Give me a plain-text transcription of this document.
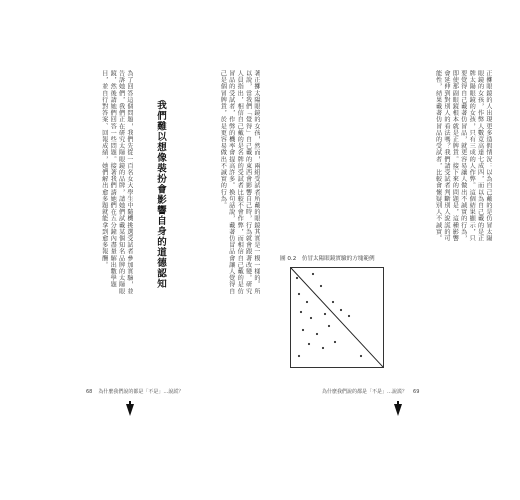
著正擲太陽眼鏡的女孩，然而，兩組受試者所戴的眼鏡其實是一模一樣的。所以說，當我們「覺得」自己戴的東西會影響自己時，行為就會跟著改變。研究人員指出，相信自己戴的是名牌的受試者比較不會作弊，而相信自己戴的是仿冒品的受試者，作弊的機率會提高許多。換句話說，戴著仿冒品會讓人覺得自己是個冒牌貨，於是更容易做出不誠實的行為。
我們難以想像裝扮會影響自身的道德認知
為了回答這個問題，我們先從一百名女大學生中隨機挑選受試者參加實驗，並告訴她們，我們正在研究太陽眼鏡的品牌，請她們試戴某個知名品牌的太陽眼鏡，然後請她們回答一些問題。接著我們請她們在五分鐘內盡量解出數學題目，並自行對答案、回報成績，她們解出愈多題就能拿到愈多報酬。
68 為什麼我們說的都是「不是」…說謊？
正擲眼鏡的人出現更多造假情況：以為自己戴的是仿冒太陽眼鏡的女孩，作弊人數竟高達七成四，而以為自己戴的是正牌太陽眼鏡的女孩，只有三成的人作弊。這個結果顯示，只要覺得自己戴著仿冒品，就更容易讓人做出不誠實的行為，即使那副眼鏡根本就是正牌貨。接下來的問題是，這種影響會延伸到對別人的看法嗎？我們請受試者判斷別人說謊的可能性，結果戴著仿冒品的受試者，比較會懷疑別人不誠實。
圖 0.2　仿冒太陽眼鏡實驗的方塊範例
為什麼我們說的都是「不是」…說謊？ 69
